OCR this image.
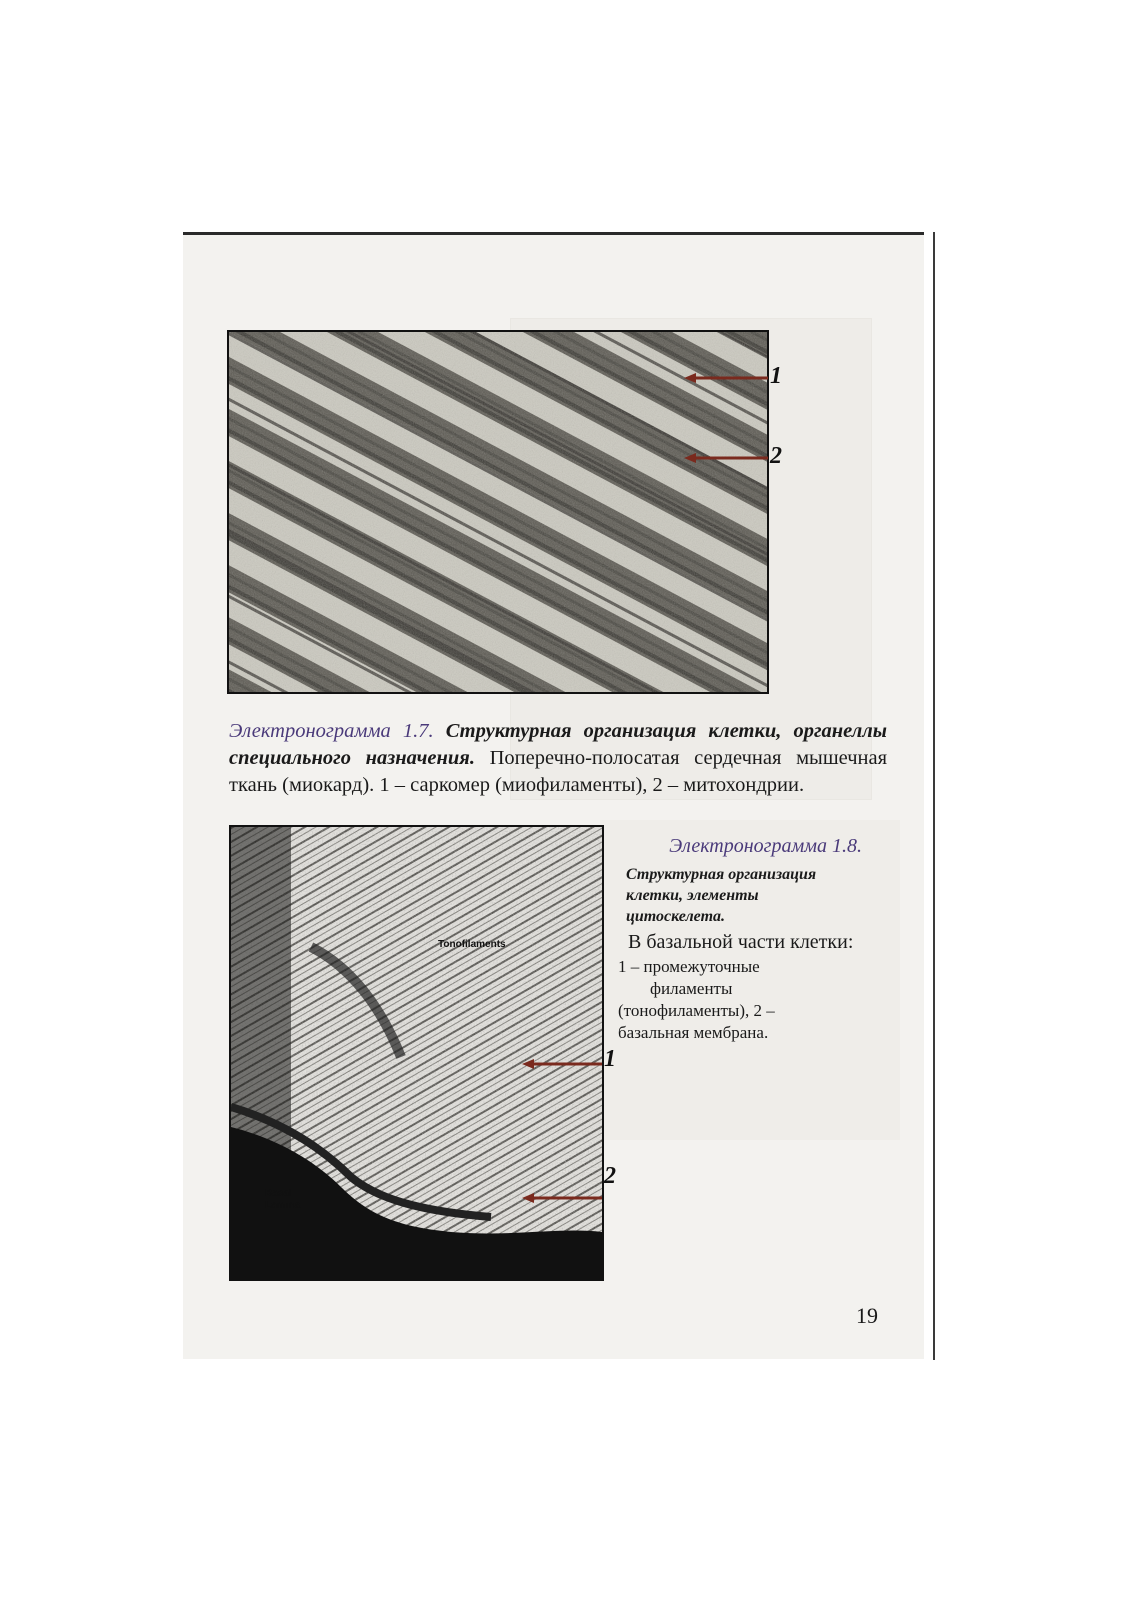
1
2
Электронограмма 1.7. Структурная организация клетки, органеллы специального назначения. Поперечно-полосатая сердечная мышечная ткань (миокард). 1 – саркомер (миофиламенты), 2 – митохондрии.
Tonofilaments
Basal
Lamina
1
2
Электронограмма 1.8.
Структурная организация
клетки, элементы
цитоскелета.
В базальной части клетки:
1 – промежуточные
филаменты
(тонофиламенты), 2 –
базальная мембрана.
19
